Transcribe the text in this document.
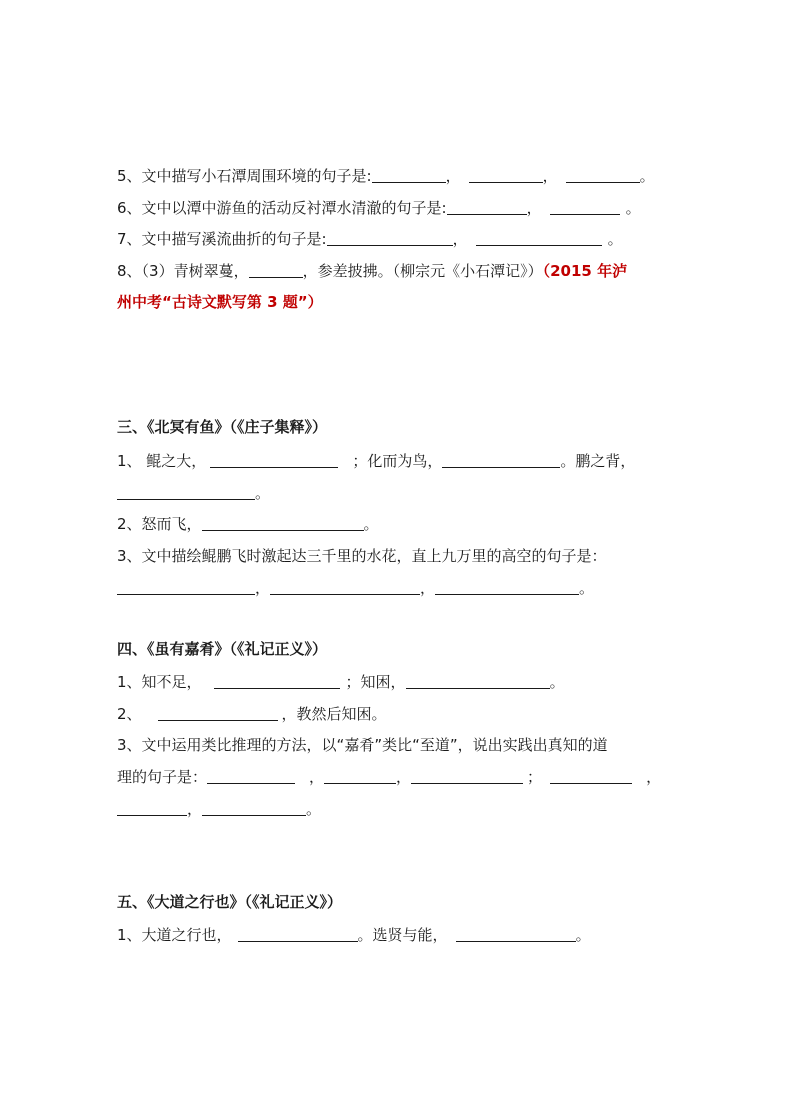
5、文中描写小石潭周围环境的句子是:	，	，	。
6、文中以潭中游鱼的活动反衬潭水清澈的句子是:	，	。
7、文中描写溪流曲折的句子是:	，	。
8、（3）青树翠蔓，	，参差披拂。（柳宗元《小石潭记》）（2015 年泸
州中考“古诗文默写第 3 题”）
三、《北冥有鱼》（《庄子集释》）
1、 鲲之大，	；化而为鸟，	。鹏之背，
。
2、怒而飞，	。
3、文中描绘鲲鹏飞时激起达三千里的水花，直上九万里的高空的句子是：
，	，	。
四、《虽有嘉肴》（《礼记正义》）
1、知不足，	；知困，	。
2、	，教然后知困。
3、文中运用类比推理的方法，以“嘉肴”类比“至道”，说出实践出真知的道
理的句子是：	，	，	；	，
，	。
五、《大道之行也》（《礼记正义》）
1、大道之行也，	。选贤与能，	。
